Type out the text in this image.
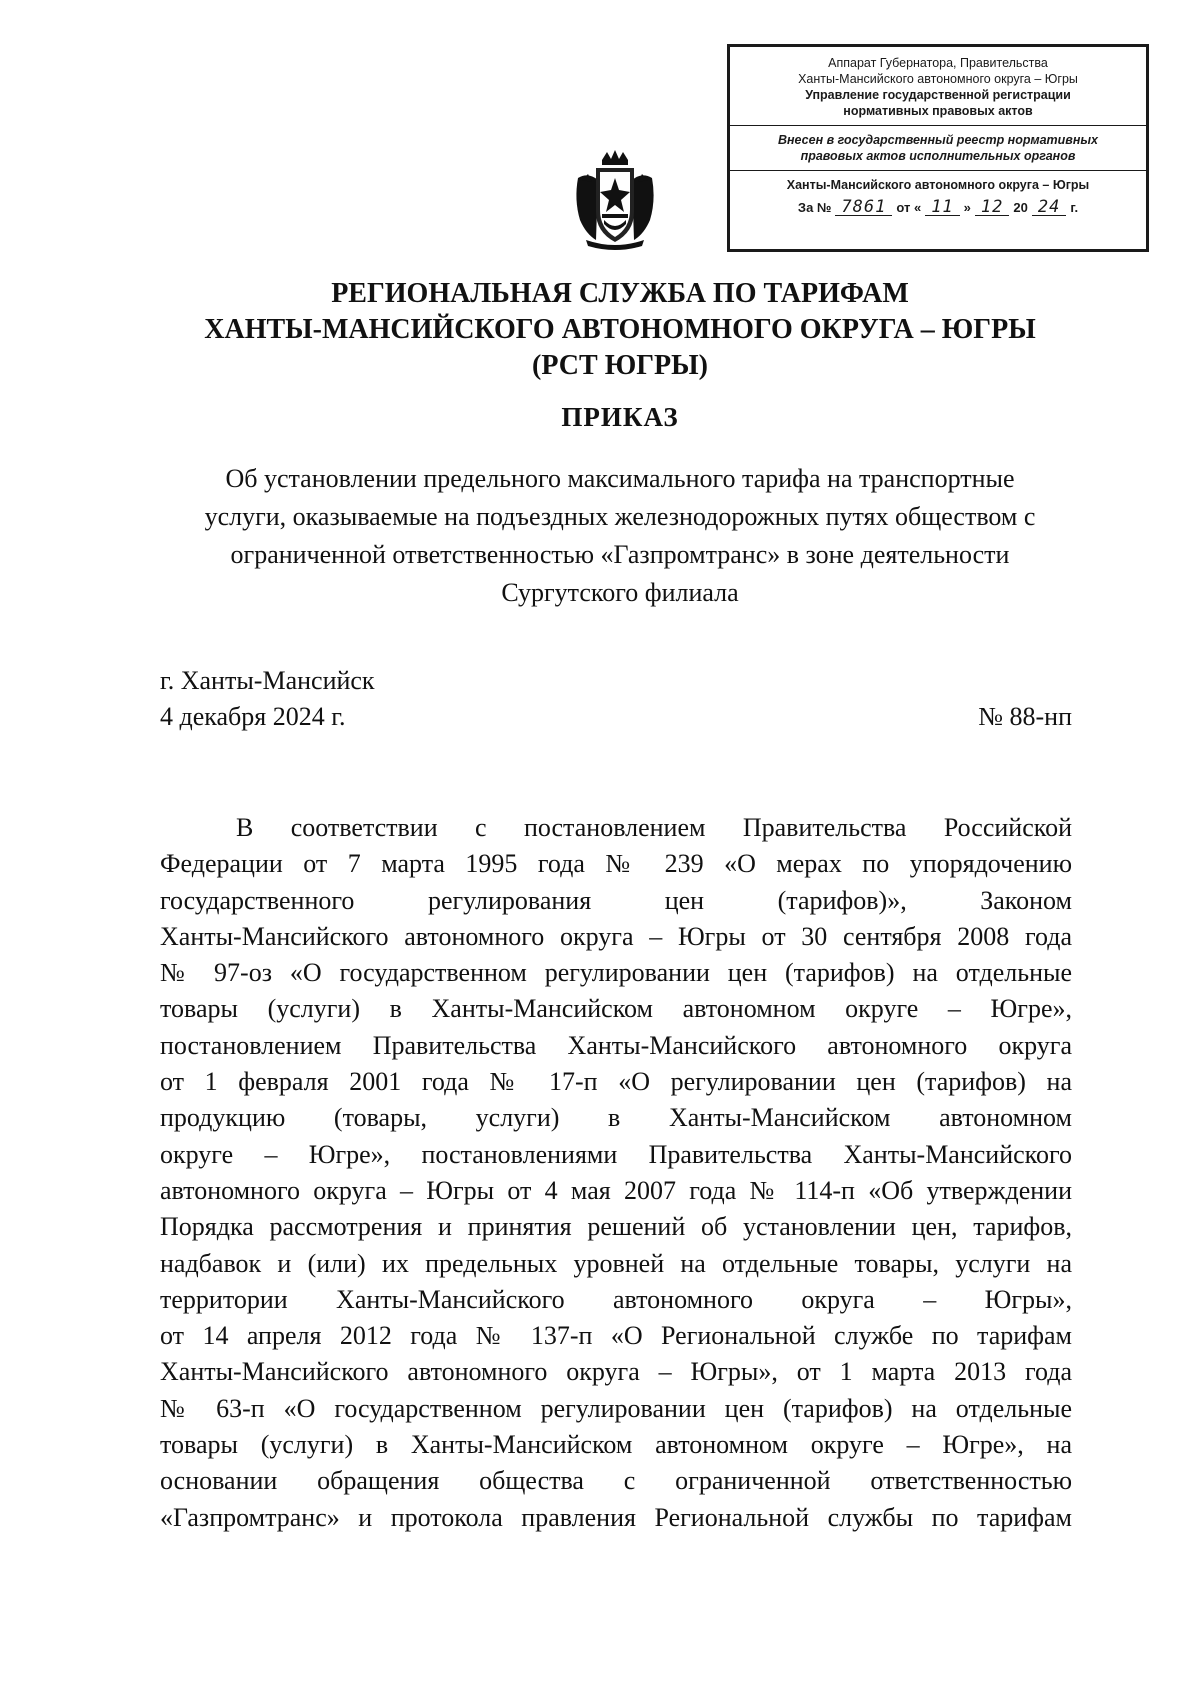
Аппарат Губернатора, Правительства
Ханты-Мансийского автономного округа – Югры
Управление государственной регистрации
нормативных правовых актов
Внесен в государственный реестр нормативных
правовых актов исполнительных органов
Ханты-Мансийского автономного округа – Югры
За № 7861 от « 11 » 12 20 24 г.
РЕГИОНАЛЬНАЯ СЛУЖБА ПО ТАРИФАМ
ХАНТЫ-МАНСИЙСКОГО АВТОНОМНОГО ОКРУГА – ЮГРЫ
(РСТ ЮГРЫ)
ПРИКАЗ
Об установлении предельного максимального тарифа на транспортные
услуги, оказываемые на подъездных железнодорожных путях обществом с
ограниченной ответственностью «Газпромтранс» в зоне деятельности
Сургутского филиала
г. Ханты-Мансийск
4 декабря 2024 г.	№ 88-нп
В соответствии с постановлением Правительства Российской
Федерации от 7 марта 1995 года № 239 «О мерах по упорядочению
государственного регулирования цен (тарифов)», Законом
Ханты-Мансийского автономного округа – Югры от 30 сентября 2008 года
№ 97-оз «О государственном регулировании цен (тарифов) на отдельные
товары (услуги) в Ханты-Мансийском автономном округе – Югре»,
постановлением Правительства Ханты-Мансийского автономного округа
от 1 февраля 2001 года № 17-п «О регулировании цен (тарифов) на
продукцию (товары, услуги) в Ханты-Мансийском автономном
округе – Югре», постановлениями Правительства Ханты-Мансийского
автономного округа – Югры от 4 мая 2007 года № 114-п «Об утверждении
Порядка рассмотрения и принятия решений об установлении цен, тарифов,
надбавок и (или) их предельных уровней на отдельные товары, услуги на
территории Ханты-Мансийского автономного округа – Югры»,
от 14 апреля 2012 года № 137-п «О Региональной службе по тарифам
Ханты-Мансийского автономного округа – Югры», от 1 марта 2013 года
№ 63-п «О государственном регулировании цен (тарифов) на отдельные
товары (услуги) в Ханты-Мансийском автономном округе – Югре», на
основании обращения общества с ограниченной ответственностью
«Газпромтранс» и протокола правления Региональной службы по тарифам
